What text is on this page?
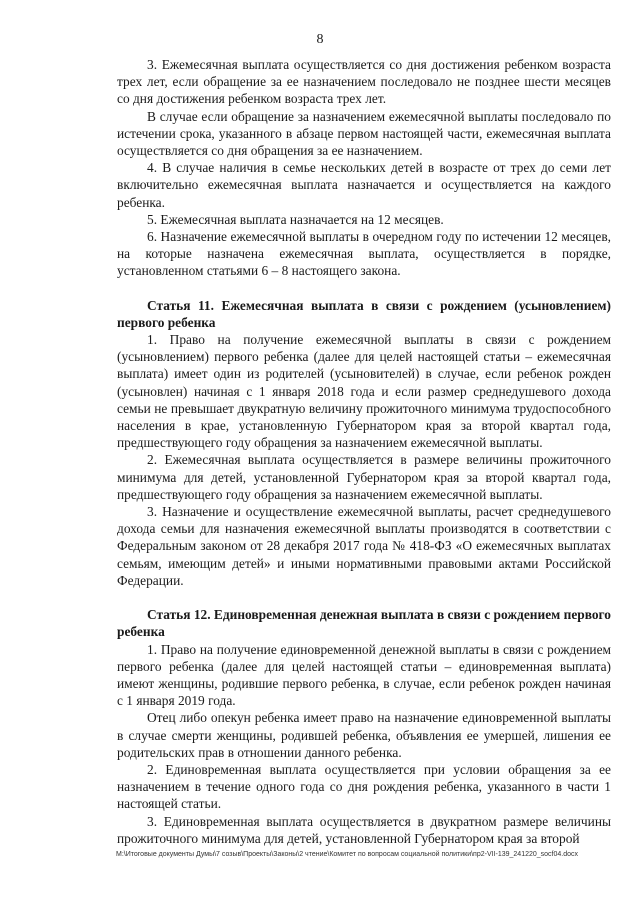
8

3. Ежемесячная выплата осуществляется со дня достижения ребенком возраста трех лет, если обращение за ее назначением последовало не позднее шести месяцев со дня достижения ребенком возраста трех лет.

В случае если обращение за назначением ежемесячной выплаты последовало по истечении срока, указанного в абзаце первом настоящей части, ежемесячная выплата осуществляется со дня обращения за ее назначением.

4. В случае наличия в семье нескольких детей в возрасте от трех до семи лет включительно ежемесячная выплата назначается и осуществляется на каждого ребенка.

5. Ежемесячная выплата назначается на 12 месяцев.

6. Назначение ежемесячной выплаты в очередном году по истечении 12 месяцев, на которые назначена ежемесячная выплата, осуществляется в порядке, установленном статьями 6 – 8 настоящего закона.

Статья 11. Ежемесячная выплата в связи с рождением (усыновлением) первого ребенка

1. Право на получение ежемесячной выплаты в связи с рождением (усыновлением) первого ребенка (далее для целей настоящей статьи – ежемесячная выплата) имеет один из родителей (усыновителей) в случае, если ребенок рожден (усыновлен) начиная с 1 января 2018 года и если размер среднедушевого дохода семьи не превышает двукратную величину прожиточного минимума трудоспособного населения в крае, установленную Губернатором края за второй квартал года, предшествующего году обращения за назначением ежемесячной выплаты.

2. Ежемесячная выплата осуществляется в размере величины прожиточного минимума для детей, установленной Губернатором края за второй квартал года, предшествующего году обращения за назначением ежемесячной выплаты.

3. Назначение и осуществление ежемесячной выплаты, расчет среднедушевого дохода семьи для назначения ежемесячной выплаты производятся в соответствии с Федеральным законом от 28 декабря 2017 года № 418-ФЗ «О ежемесячных выплатах семьям, имеющим детей» и иными нормативными правовыми актами Российской Федерации.

Статья 12. Единовременная денежная выплата в связи с рождением первого ребенка

1. Право на получение единовременной денежной выплаты в связи с рождением первого ребенка (далее для целей настоящей статьи – единовременная выплата) имеют женщины, родившие первого ребенка, в случае, если ребенок рожден начиная с 1 января 2019 года.

Отец либо опекун ребенка имеет право на назначение единовременной выплаты в случае смерти женщины, родившей ребенка, объявления ее умершей, лишения ее родительских прав в отношении данного ребенка.

2. Единовременная выплата осуществляется при условии обращения за ее назначением в течение одного года со дня рождения ребенка, указанного в части 1 настоящей статьи.

3. Единовременная выплата осуществляется в двукратном размере величины прожиточного минимума для детей, установленной Губернатором края за второй

M:\Итоговые документы Думы\7 созыв\Проекты\Законы\2 чтение\Комитет по вопросам социальной политики\пр2-VII-139_241220_sоcf04.docx
